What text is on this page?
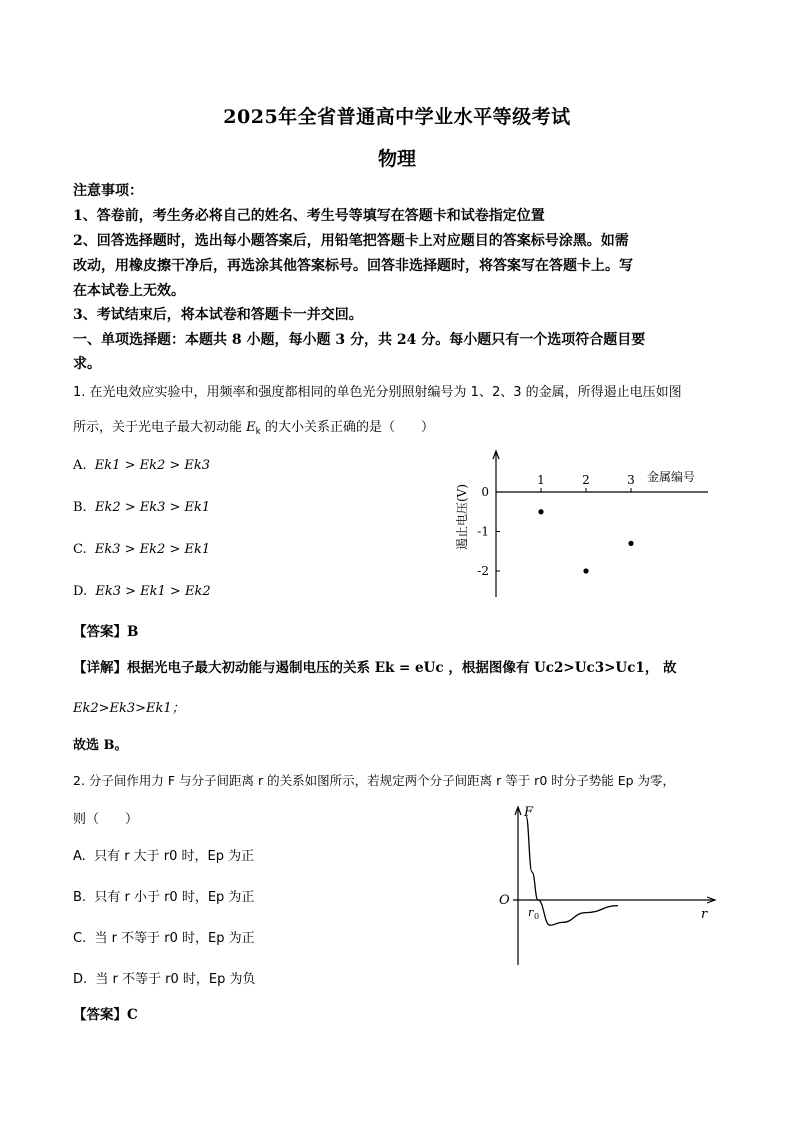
2025年全省普通高中学业水平等级考试
物理
注意事项：
1、答卷前，考生务必将自己的姓名、考生号等填写在答题卡和试卷指定位置
2、回答选择题时，选出每小题答案后，用铅笔把答题卡上对应题目的答案标号涂黑。如需
改动，用橡皮擦干净后，再选涂其他答案标号。回答非选择题时，将答案写在答题卡上。写
在本试卷上无效。
3、考试结束后，将本试卷和答题卡一并交回。
一、单项选择题：本题共 8 小题，每小题 3 分，共 24 分。每小题只有一个选项符合题目要
求。
1. 在光电效应实验中，用频率和强度都相同的单色光分别照射编号为 1、2、3 的金属，所得遏止电压如图
所示，关于光电子最大初动能 $E_k$ 的大小关系正确的是（　　）
A. Ek1 > Ek2 > Ek3
B. Ek2 > Ek3 > Ek1
C. Ek3 > Ek2 > Ek1
D. Ek3 > Ek1 > Ek2
1	2	3 金属编号
0
-1
-2
遏止电压(V)
【答案】B
【详解】根据光电子最大初动能与遏制电压的关系 Ek = eUc ，根据图像有 Uc2>Uc3>Uc1， 故
Ek2>Ek3>Ek1；
故选 B。
2. 分子间作用力 F 与分子间距离 r 的关系如图所示，若规定两个分子间距离 r 等于 r0 时分子势能 Ep 为零，
则（　　）
A. 只有 r 大于 r0 时，Ep 为正
B. 只有 r 小于 r0 时，Ep 为正
C. 当 r 不等于 r0 时，Ep 为正
D. 当 r 不等于 r0 时，Ep 为负
F
r
O
r 0
【答案】C
